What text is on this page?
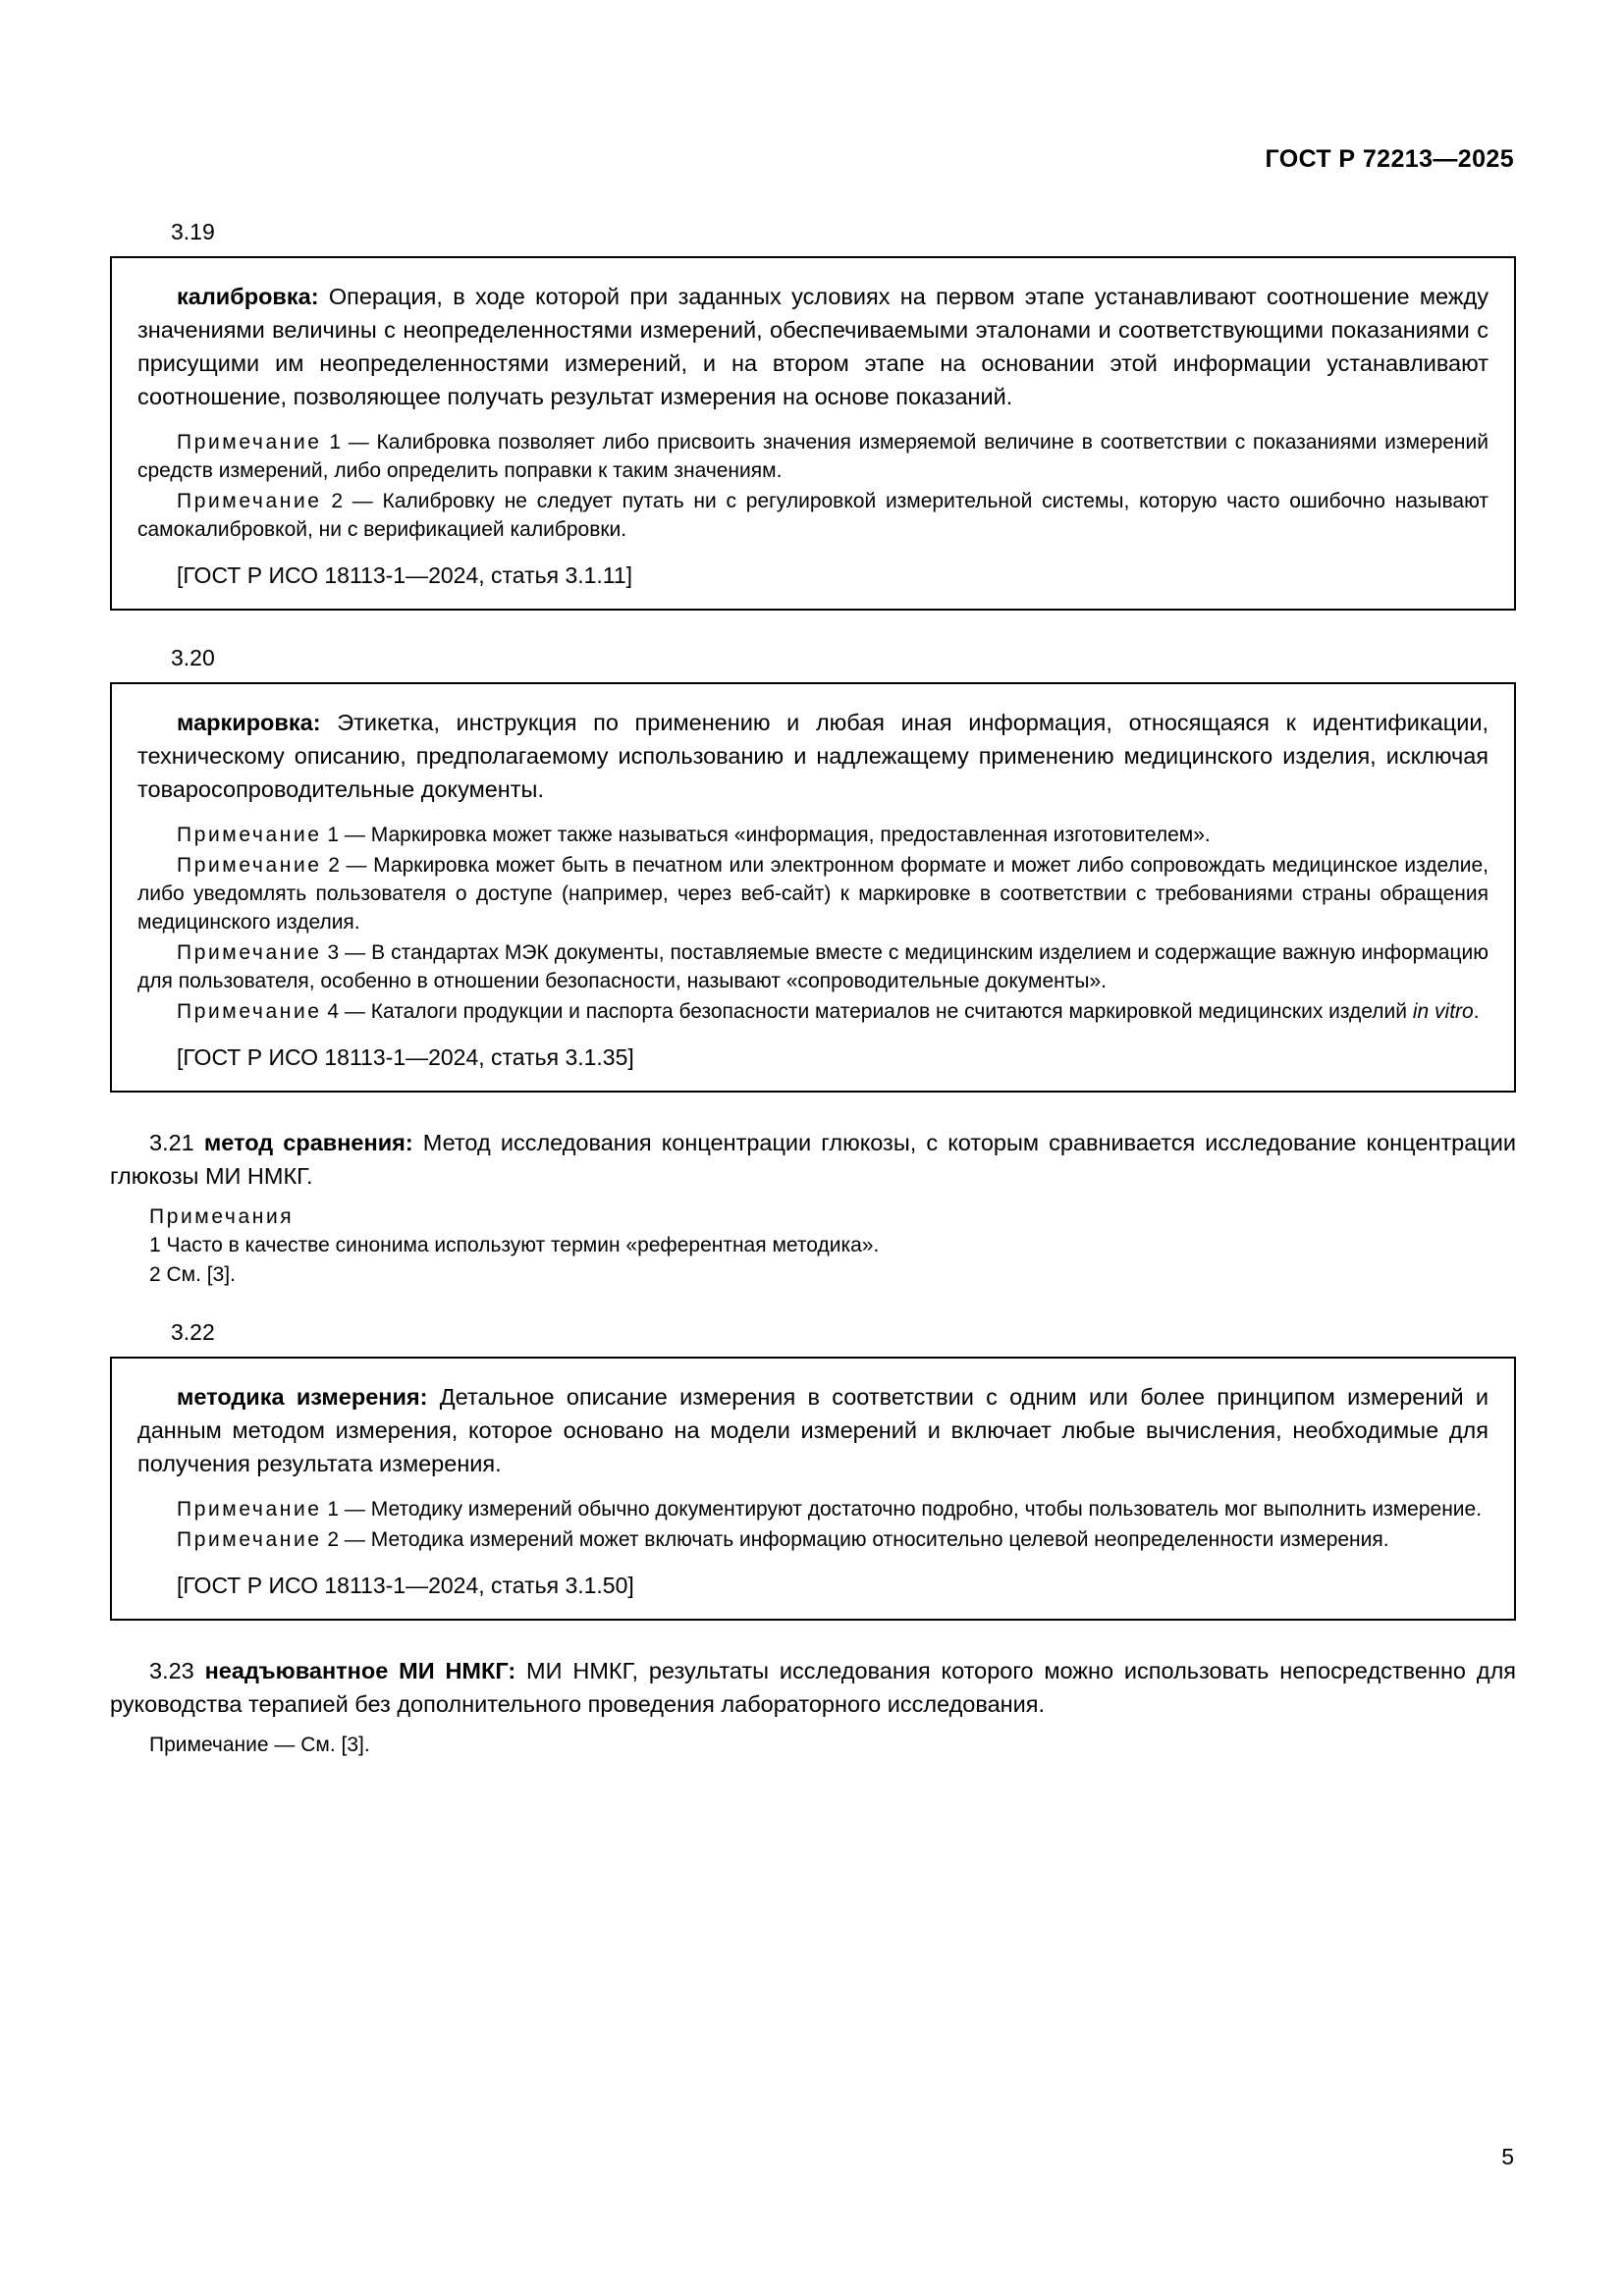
ГОСТ Р 72213—2025
3.19

калибровка: Операция, в ходе которой при заданных условиях на первом этапе устанавливают соотношение между значениями величины с неопределенностями измерений, обеспечиваемыми эталонами и соответствующими показаниями с присущими им неопределенностями измерений, и на втором этапе на основании этой информации устанавливают соотношение, позволяющее получать результат измерения на основе показаний.

Примечание 1 — Калибровка позволяет либо присвоить значения измеряемой величине в соответствии с показаниями измерений средств измерений, либо определить поправки к таким значениям.

Примечание 2 — Калибровку не следует путать ни с регулировкой измерительной системы, которую часто ошибочно называют самокалибровкой, ни с верификацией калибровки.

[ГОСТ Р ИСО 18113-1—2024, статья 3.1.11]

3.20

маркировка: Этикетка, инструкция по применению и любая иная информация, относящаяся к идентификации, техническому описанию, предполагаемому использованию и надлежащему применению медицинского изделия, исключая товаросопроводительные документы.

Примечание 1 — Маркировка может также называться «информация, предоставленная изготовителем».

Примечание 2 — Маркировка может быть в печатном или электронном формате и может либо сопровождать медицинское изделие, либо уведомлять пользователя о доступе (например, через веб-сайт) к маркировке в соответствии с требованиями страны обращения медицинского изделия.

Примечание 3 — В стандартах МЭК документы, поставляемые вместе с медицинским изделием и содержащие важную информацию для пользователя, особенно в отношении безопасности, называют «сопроводительные документы».

Примечание 4 — Каталоги продукции и паспорта безопасности материалов не считаются маркировкой медицинских изделий in vitro.

[ГОСТ Р ИСО 18113-1—2024, статья 3.1.35]

3.21 метод сравнения: Метод исследования концентрации глюкозы, с которым сравнивается исследование концентрации глюкозы МИ НМКГ.

Примечания
1 Часто в качестве синонима используют термин «референтная методика».
2 См. [3].
3.22

методика измерения: Детальное описание измерения в соответствии с одним или более принципом измерений и данным методом измерения, которое основано на модели измерений и включает любые вычисления, необходимые для получения результата измерения.

Примечание 1 — Методику измерений обычно документируют достаточно подробно, чтобы пользователь мог выполнить измерение.

Примечание 2 — Методика измерений может включать информацию относительно целевой неопределенности измерения.

[ГОСТ Р ИСО 18113-1—2024, статья 3.1.50]

3.23 неадъювантное МИ НМКГ: МИ НМКГ, результаты исследования которого можно использовать непосредственно для руководства терапией без дополнительного проведения лабораторного исследования.

Примечание — См. [3].
5
